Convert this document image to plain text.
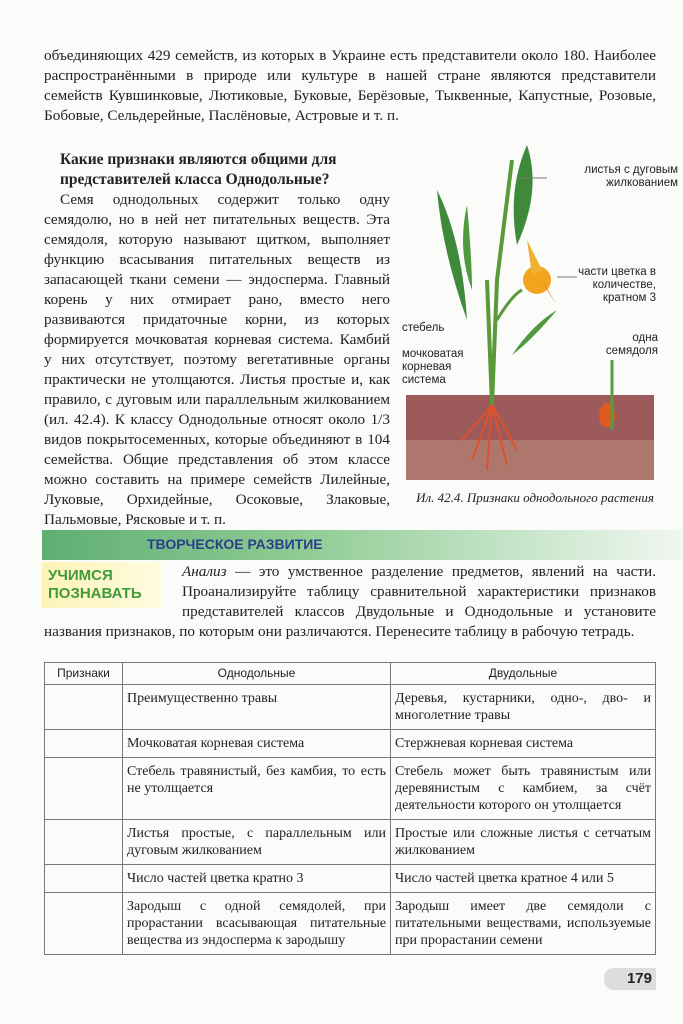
объединяющих 429 семейств, из которых в Украине есть представители около 180. Наиболее распространёнными в природе или культуре в нашей стране являются представители семейств Кувшинковые, Лютиковые, Буковые, Берёзовые, Тыквенные, Капустные, Розовые, Бобовые, Сельдерейные, Паслёновые, Астровые и т. п.
Какие признаки являются общими для представителей класса Однодольные?
Семя однодольных содержит только одну семядолю, но в ней нет питательных веществ. Эта семядоля, которую называют щитком, выполняет функцию всасывания питательных веществ из запасающей ткани семени — эндосперма. Главный корень у них отмирает рано, вместо него развиваются придаточные корни, из которых формируется мочковатая корневая система. Камбий у них отсутствует, поэтому вегетативные органы практически не утолщаются. Листья простые и, как правило, с дуговым или параллельным жилкованием (ил. 42.4). К классу Однодольные относят около 1/3 видов покрытосеменных, которые объединяют в 104 семейства. Общие представления об этом классе можно составить на примере семейств Лилейные, Луковые, Орхидейные, Осоковые, Злаковые, Пальмовые, Рясковые и т. п.
листья с дуговым жилкованием
части цветка в количестве, кратном 3
стебель
мочковатая корневая система
одна семядоля
Ил. 42.4. Признаки однодольного растения
ТВОРЧЕСКОЕ РАЗВИТИЕ
УЧИМСЯ ПОЗНАВАТЬ
Анализ — это умственное разделение предметов, явлений на части. Проанализируйте таблицу сравнительной характеристики признаков представителей классов Двудольные и Однодольные и установите названия признаков, по которым они различаются. Перенесите таблицу в рабочую тетрадь.
Признаки	Однодольные	Двудольные
	Преимущественно травы	Деревья, кустарники, одно-, дво- и многолетние травы
	Мочковатая корневая система	Стержневая корневая система
	Стебель травянистый, без камбия, то есть не утолщается	Стебель может быть травянистым или деревянистым с камбием, за счёт деятельности которого он утолщается
	Листья простые, с параллельным или дуговым жилкованием	Простые или сложные листья с сетчатым жилкованием
	Число частей цветка кратно 3	Число частей цветка кратное 4 или 5
	Зародыш с одной семядолей, при прорастании всасывающая питательные вещества из эндосперма к зародышу	Зародыш имеет две семядоли с питательными веществами, используемые при прорастании семени
179
